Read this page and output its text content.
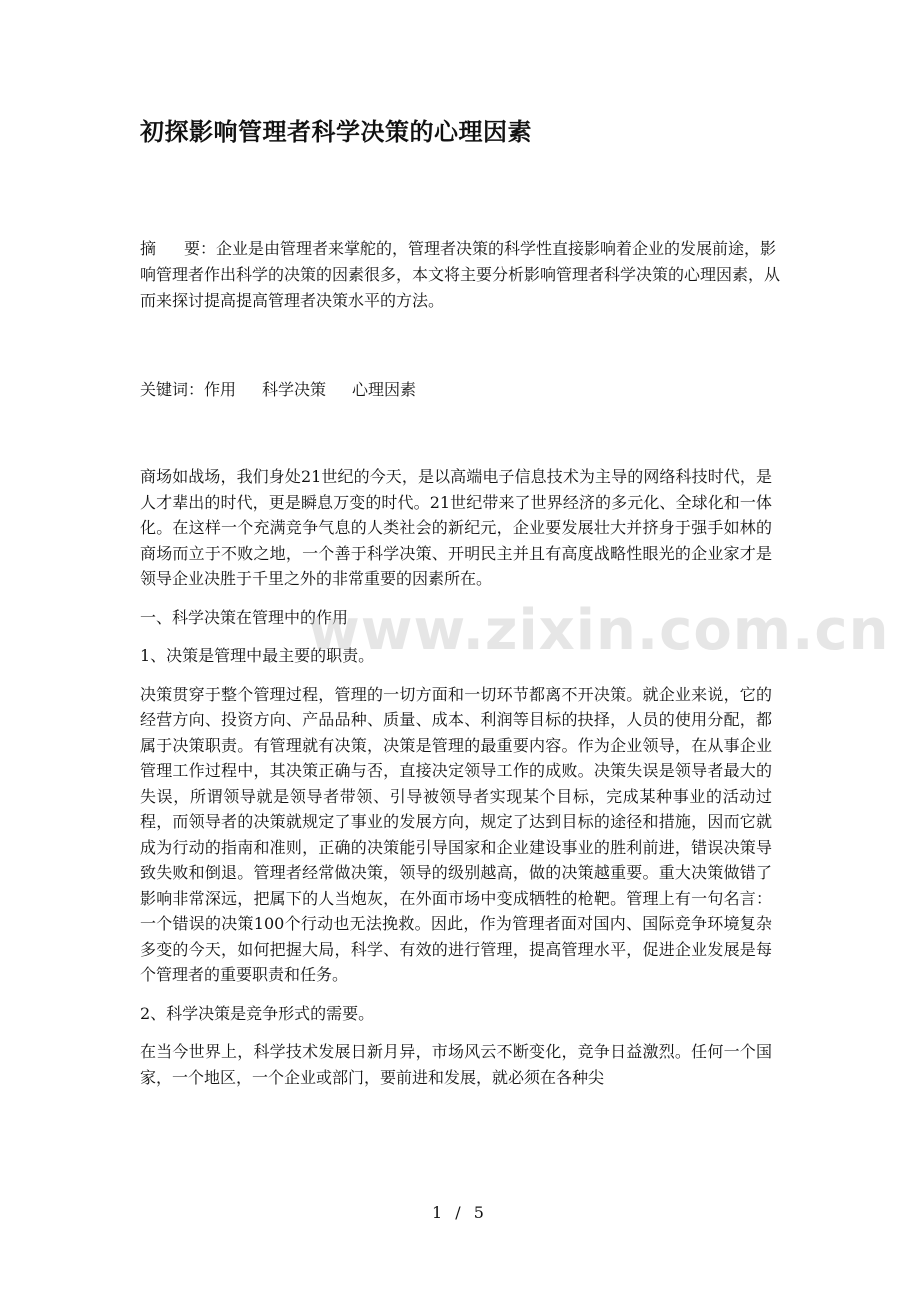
初探影响管理者科学决策的心理因素

摘 要：企业是由管理者来掌舵的，管理者决策的科学性直接影响着企业的发展前途，影响管理者作出科学的决策的因素很多，本文将主要分析影响管理者科学决策的心理因素，从而来探讨提高提高管理者决策水平的方法。

关键词：作用 科学决策 心理因素

商场如战场，我们身处21世纪的今天，是以高端电子信息技术为主导的网络科技时代，是人才辈出的时代，更是瞬息万变的时代。21世纪带来了世界经济的多元化、全球化和一体化。在这样一个充满竞争气息的人类社会的新纪元，企业要发展壮大并挤身于强手如林的商场而立于不败之地，一个善于科学决策、开明民主并且有高度战略性眼光的企业家才是领导企业决胜于千里之外的非常重要的因素所在。

一、科学决策在管理中的作用

1、决策是管理中最主要的职责。

决策贯穿于整个管理过程，管理的一切方面和一切环节都离不开决策。就企业来说，它的经营方向、投资方向、产品品种、质量、成本、利润等目标的抉择，人员的使用分配，都属于决策职责。有管理就有决策，决策是管理的最重要内容。作为企业领导，在从事企业管理工作过程中，其决策正确与否，直接决定领导工作的成败。决策失误是领导者最大的失误，所谓领导就是领导者带领、引导被领导者实现某个目标，完成某种事业的活动过程，而领导者的决策就规定了事业的发展方向，规定了达到目标的途径和措施，因而它就成为行动的指南和准则，正确的决策能引导国家和企业建设事业的胜利前进，错误决策导致失败和倒退。管理者经常做决策，领导的级别越高，做的决策越重要。重大决策做错了影响非常深远，把属下的人当炮灰，在外面市场中变成牺牲的枪靶。管理上有一句名言：一个错误的决策100个行动也无法挽救。因此，作为管理者面对国内、国际竞争环境复杂多变的今天，如何把握大局，科学、有效的进行管理，提高管理水平，促进企业发展是每个管理者的重要职责和任务。

2、科学决策是竞争形式的需要。

在当今世界上，科学技术发展日新月异，市场风云不断变化，竞争日益激烈。任何一个国家，一个地区，一个企业或部门，要前进和发展，就必须在各种尖

www.zixin.com.cn
1 / 5
